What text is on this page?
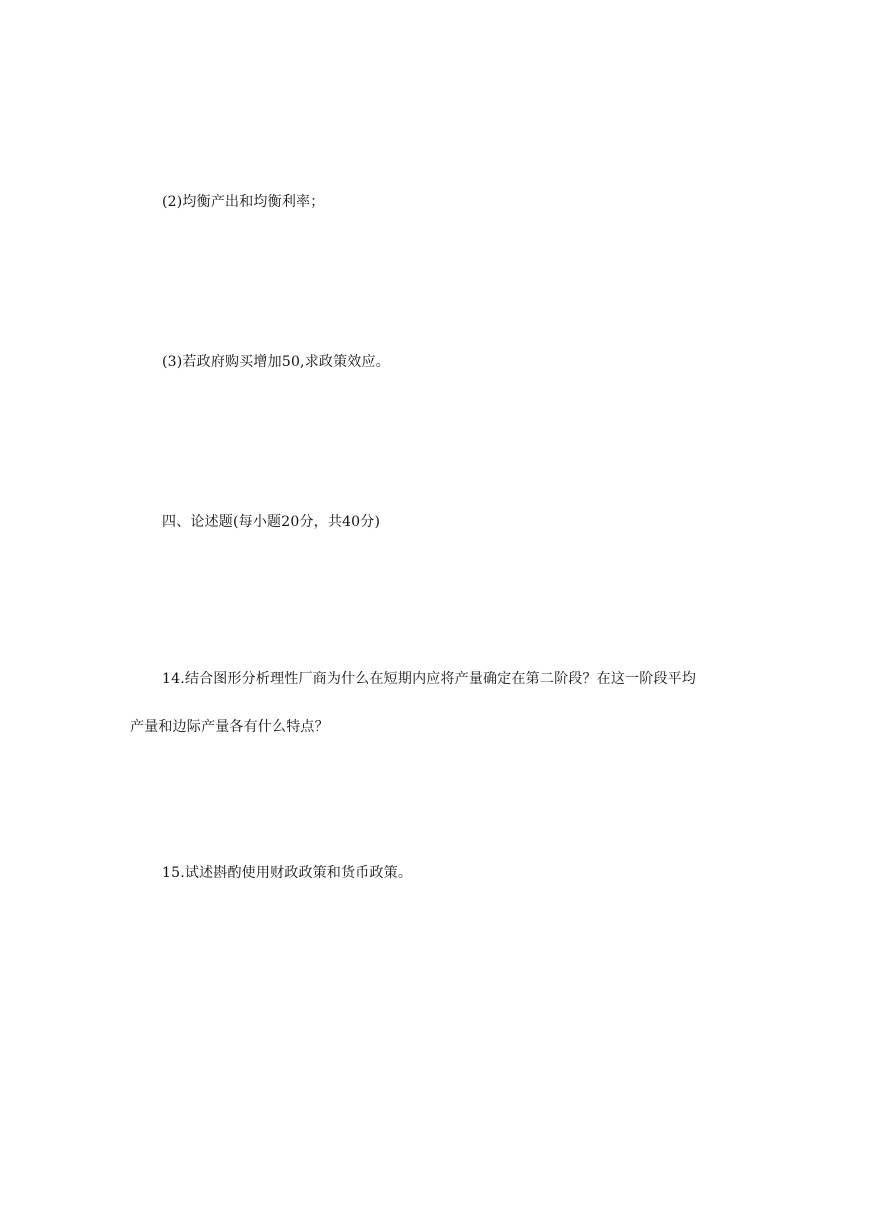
(2)均衡产出和均衡利率；
(3)若政府购买增加50,求政策效应。
四、论述题(每小题20分，共40分)
14.结合图形分析理性厂商为什么在短期内应将产量确定在第二阶段？在这一阶段平均
产量和边际产量各有什么特点？
15.试述斟酌使用财政政策和货币政策。
